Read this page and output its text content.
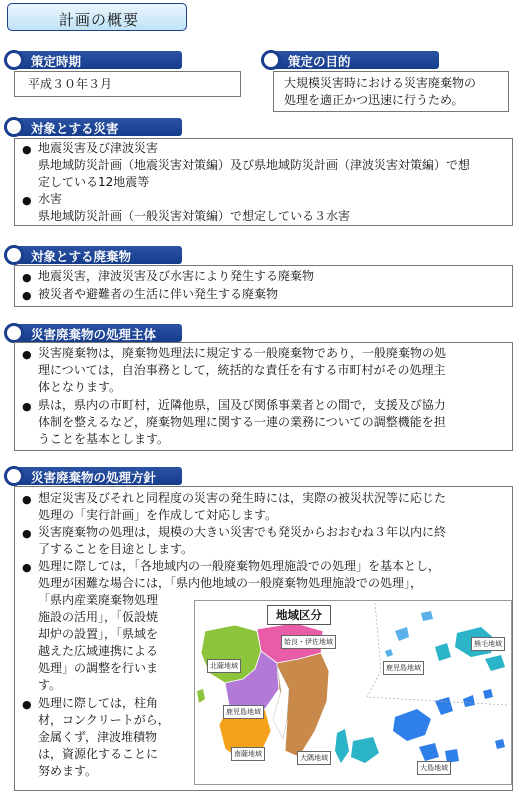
計画の概要
策定時期
平成３０年３月
策定の目的
大規模災害時における災害廃棄物の
処理を適正かつ迅速に行うため。
対象とする災害
● 地震災害及び津波災害
県地域防災計画（地震災害対策編）及び県地域防災計画（津波災害対策編）で想
定している12地震等
● 水害
県地域防災計画（一般災害対策編）で想定している３水害
対象とする廃棄物
● 地震災害，津波災害及び水害により発生する廃棄物
● 被災者や避難者の生活に伴い発生する廃棄物
災害廃棄物の処理主体
● 災害廃棄物は，廃棄物処理法に規定する一般廃棄物であり，一般廃棄物の処
理については，自治事務として，統括的な責任を有する市町村がその処理主
体となります。
● 県は，県内の市町村，近隣他県，国及び関係事業者との間で，支援及び協力
体制を整えるなど，廃棄物処理に関する一連の業務についての調整機能を担
うことを基本とします。
災害廃棄物の処理方針
● 想定災害及びそれと同程度の災害の発生時には，実際の被災状況等に応じた
処理の「実行計画」を作成して対応します。
● 災害廃棄物の処理は，規模の大きい災害でも発災からおおむね３年以内に終
了することを目途とします。
● 処理に際しては，「各地域内の一般廃棄物処理施設での処理」を基本とし，
処理が困難な場合には，「県内他地域の一般廃棄物処理施設での処理」，
「県内産業廃棄物処理
施設の活用」，「仮設焼
却炉の設置」，「県域を
越えた広域連携による
処理」の調整を行いま
す。
● 処理に際しては，柱角
材，コンクリートがら，
金属くず，津波堆積物
は，資源化することに
努めます。
地域区分
北薩地域
姶良・伊佐地域
鹿児島地域
南薩地域	大隅地域
熊毛地域
鹿児島地域
大島地域
